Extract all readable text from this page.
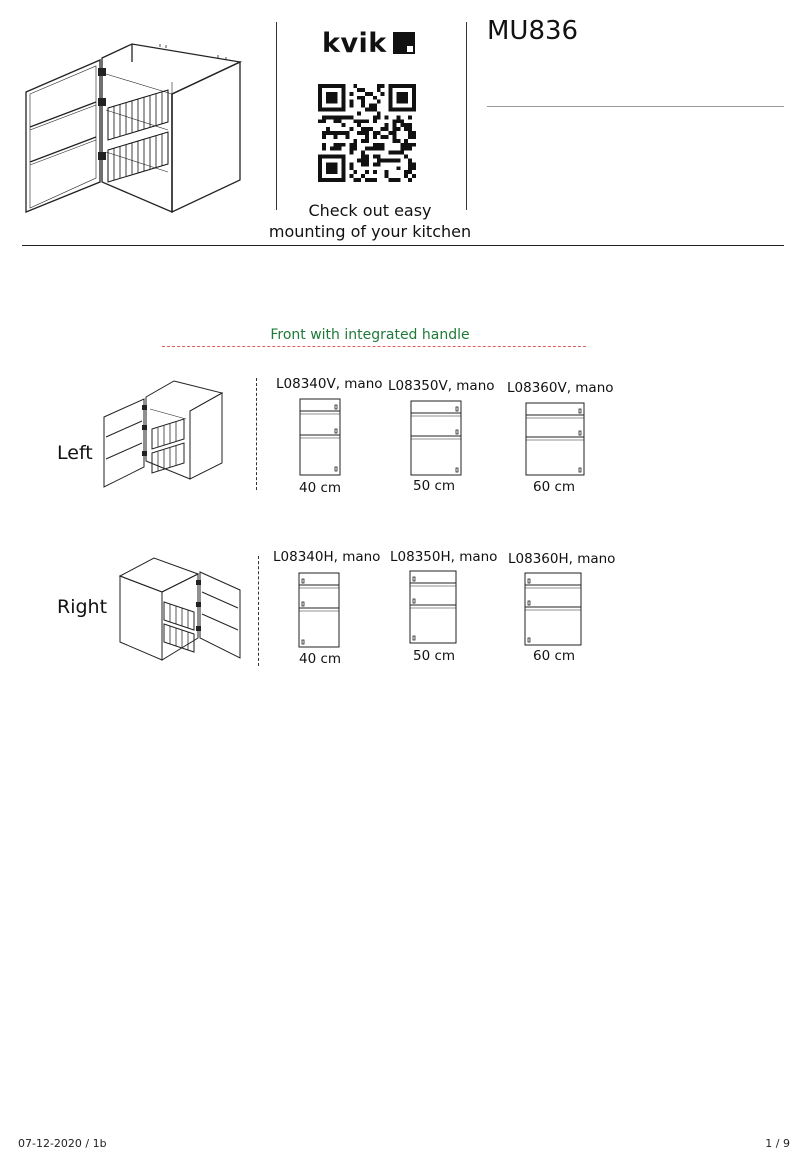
kvik
Check out easy
mounting of your kitchen
MU836
Front with integrated handle
Left
L08340V, mano
40 cm
L08350V, mano
50 cm
L08360V, mano
60 cm
Right
L08340H, mano
40 cm
L08350H, mano
50 cm
L08360H, mano
60 cm
07-12-2020 / 1b	1 / 9
